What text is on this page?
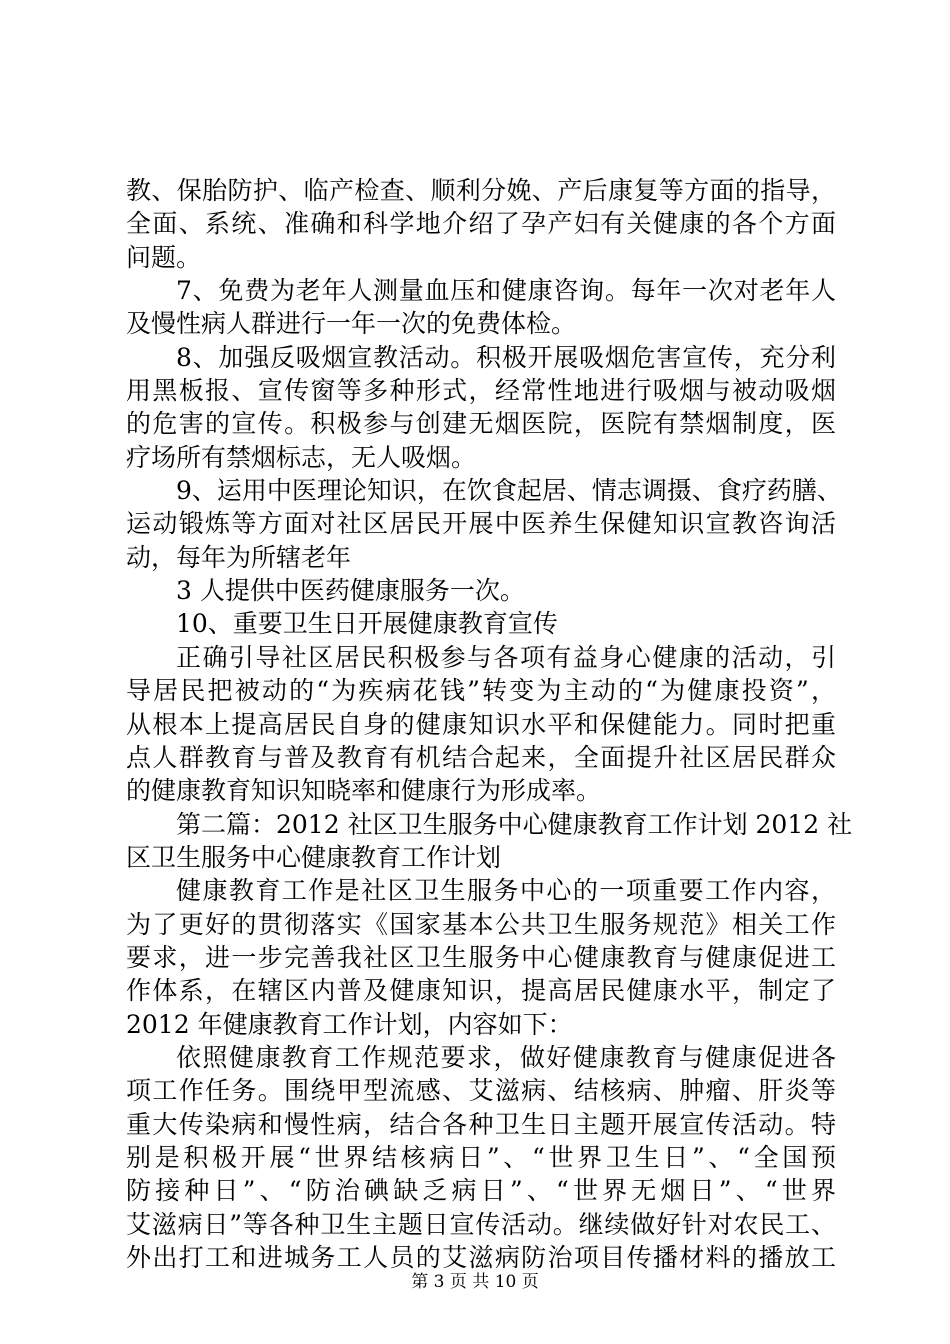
教、保胎防护、临产检查、顺利分娩、产后康复等方面的指导，
全面、系统、准确和科学地介绍了孕产妇有关健康的各个方面
问题。
7、免费为老年人测量血压和健康咨询。每年一次对老年人
及慢性病人群进行一年一次的免费体检。
8、加强反吸烟宣教活动。积极开展吸烟危害宣传，充分利
用黑板报、宣传窗等多种形式，经常性地进行吸烟与被动吸烟
的危害的宣传。积极参与创建无烟医院，医院有禁烟制度，医
疗场所有禁烟标志，无人吸烟。
9、运用中医理论知识，在饮食起居、情志调摄、食疗药膳、
运动锻炼等方面对社区居民开展中医养生保健知识宣教咨询活
动，每年为所辖老年
3 人提供中医药健康服务一次。
10、重要卫生日开展健康教育宣传
正确引导社区居民积极参与各项有益身心健康的活动，引
导居民把被动的“为疾病花钱”转变为主动的“为健康投资”，
从根本上提高居民自身的健康知识水平和保健能力。同时把重
点人群教育与普及教育有机结合起来，全面提升社区居民群众
的健康教育知识知晓率和健康行为形成率。
第二篇：2012 社区卫生服务中心健康教育工作计划 2012 社
区卫生服务中心健康教育工作计划
健康教育工作是社区卫生服务中心的一项重要工作内容，
为了更好的贯彻落实《国家基本公共卫生服务规范》相关工作
要求，进一步完善我社区卫生服务中心健康教育与健康促进工
作体系，在辖区内普及健康知识，提高居民健康水平，制定了
2012 年健康教育工作计划，内容如下：
依照健康教育工作规范要求，做好健康教育与健康促进各
项工作任务。围绕甲型流感、艾滋病、结核病、肿瘤、肝炎等
重大传染病和慢性病，结合各种卫生日主题开展宣传活动。特
别是积极开展“世界结核病日”、“世界卫生日”、“全国预
防接种日”、“防治碘缺乏病日”、“世界无烟日”、“世界
艾滋病日”等各种卫生主题日宣传活动。继续做好针对农民工、
外出打工和进城务工人员的艾滋病防治项目传播材料的播放工
第 3 页 共 10 页
